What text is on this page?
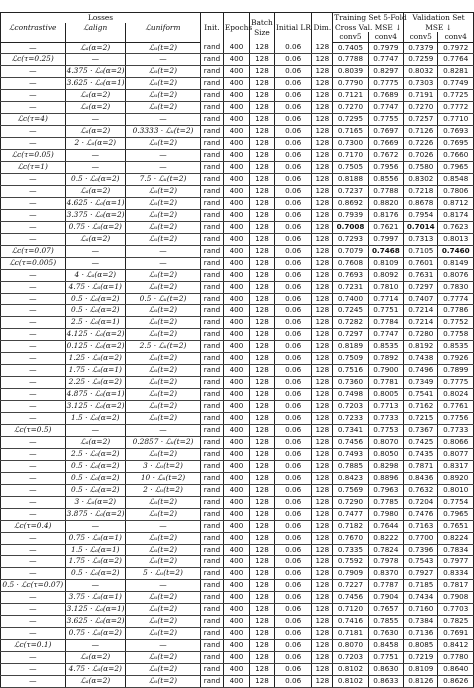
Losses			Init.	Epochs	Batch
Size	Initial LR	Dim.	Training Set 5-Fold
Cross Val. MSE ↓		Validation Set
MSE ↓	
ℒcontrastive	ℒalign	ℒuniform									
								conv5	conv4	conv5	conv4
—	ℒₐ(α=2)	ℒᵤ(t=2)	rand	400	128	0.06	128	0.7405	0.7979	0.7379	0.7972
ℒc(τ=0.25)	—	—	rand	400	128	0.06	128	0.7788	0.7747	0.7259	0.7764
—	4.375 · ℒₐ(α=2)	ℒᵤ(t=2)	rand	400	128	0.06	128	0.8039	0.8297	0.8032	0.8281
—	3.625 · ℒₐ(α=1)	ℒᵤ(t=2)	rand	400	128	0.06	128	0.7790	0.7775	0.7303	0.7749
—	ℒₐ(α=2)	ℒᵤ(t=2)	rand	400	128	0.06	128	0.7121	0.7689	0.7191	0.7725
—	ℒₐ(α=2)	ℒᵤ(t=2)	rand	400	128	0.06	128	0.7270	0.7747	0.7270	0.7772
ℒc(τ=4)	—	—	rand	400	128	0.06	128	0.7295	0.7755	0.7257	0.7710
—	ℒₐ(α=2)	0.3333 · ℒᵤ(t=2)	rand	400	128	0.06	128	0.7165	0.7697	0.7126	0.7693
—	2 · ℒₐ(α=2)	ℒᵤ(t=2)	rand	400	128	0.06	128	0.7300	0.7669	0.7226	0.7695
ℒc(τ=0.05)	—	—	rand	400	128	0.06	128	0.7170	0.7672	0.7026	0.7660
ℒc(τ=1)	—	—	rand	400	128	0.06	128	0.7505	0.7956	0.7580	0.7965
—	0.5 · ℒₐ(α=2)	7.5 · ℒᵤ(t=2)	rand	400	128	0.06	128	0.8188	0.8556	0.8302	0.8548
—	ℒₐ(α=2)	ℒᵤ(t=2)	rand	400	128	0.06	128	0.7237	0.7788	0.7218	0.7806
—	4.625 · ℒₐ(α=1)	ℒᵤ(t=2)	rand	400	128	0.06	128	0.8692	0.8820	0.8678	0.8712
—	3.375 · ℒₐ(α=2)	ℒᵤ(t=2)	rand	400	128	0.06	128	0.7939	0.8176	0.7954	0.8174
—	0.75 · ℒₐ(α=2)	ℒᵤ(t=2)	rand	400	128	0.06	128	0.7008	0.7621	0.7014	0.7623
—	ℒₐ(α=2)	ℒᵤ(t=2)	rand	400	128	0.06	128	0.7293	0.7997	0.7313	0.8013
ℒc(τ=0.07)	—	—	rand	400	128	0.06	128	0.7079	0.7468	0.7105	0.7460
ℒc(τ=0.005)	—	—	rand	400	128	0.06	128	0.7608	0.8109	0.7601	0.8149
—	4 · ℒₐ(α=2)	ℒᵤ(t=2)	rand	400	128	0.06	128	0.7693	0.8092	0.7631	0.8076
—	4.75 · ℒₐ(α=1)	ℒᵤ(t=2)	rand	400	128	0.06	128	0.7231	0.7810	0.7297	0.7830
—	0.5 · ℒₐ(α=2)	0.5 · ℒᵤ(t=2)	rand	400	128	0.06	128	0.7400	0.7714	0.7407	0.7774
—	0.5 · ℒₐ(α=2)	ℒᵤ(t=2)	rand	400	128	0.06	128	0.7245	0.7751	0.7214	0.7786
—	2.5 · ℒₐ(α=1)	ℒᵤ(t=2)	rand	400	128	0.06	128	0.7282	0.7784	0.7214	0.7752
—	4.125 · ℒₐ(α=2)	ℒᵤ(t=2)	rand	400	128	0.06	128	0.7297	0.7747	0.7280	0.7758
—	0.125 · ℒₐ(α=2)	2.5 · ℒᵤ(t=2)	rand	400	128	0.06	128	0.8189	0.8535	0.8192	0.8535
—	1.25 · ℒₐ(α=2)	ℒᵤ(t=2)	rand	400	128	0.06	128	0.7509	0.7892	0.7438	0.7926
—	1.75 · ℒₐ(α=1)	ℒᵤ(t=2)	rand	400	128	0.06	128	0.7516	0.7900	0.7496	0.7899
—	2.25 · ℒₐ(α=2)	ℒᵤ(t=2)	rand	400	128	0.06	128	0.7360	0.7781	0.7349	0.7775
—	4.875 · ℒₐ(α=1)	ℒᵤ(t=2)	rand	400	128	0.06	128	0.7498	0.8005	0.7541	0.8024
—	3.125 · ℒₐ(α=2)	ℒᵤ(t=2)	rand	400	128	0.06	128	0.7203	0.7713	0.7162	0.7761
—	1.5 · ℒₐ(α=2)	ℒᵤ(t=2)	rand	400	128	0.06	128	0.7233	0.7733	0.7215	0.7756
ℒc(τ=0.5)	—	—	rand	400	128	0.06	128	0.7341	0.7753	0.7367	0.7733
—	ℒₐ(α=2)	0.2857 · ℒᵤ(t=2)	rand	400	128	0.06	128	0.7456	0.8070	0.7425	0.8066
—	2.5 · ℒₐ(α=2)	ℒᵤ(t=2)	rand	400	128	0.06	128	0.7493	0.8050	0.7435	0.8077
—	0.5 · ℒₐ(α=2)	3 · ℒᵤ(t=2)	rand	400	128	0.06	128	0.7885	0.8298	0.7871	0.8317
—	0.5 · ℒₐ(α=2)	10 · ℒᵤ(t=2)	rand	400	128	0.06	128	0.8423	0.8896	0.8436	0.8920
—	0.5 · ℒₐ(α=2)	2 · ℒᵤ(t=2)	rand	400	128	0.06	128	0.7569	0.7963	0.7632	0.8010
—	3 · ℒₐ(α=2)	ℒᵤ(t=2)	rand	400	128	0.06	128	0.7290	0.7785	0.7204	0.7754
—	3.875 · ℒₐ(α=2)	ℒᵤ(t=2)	rand	400	128	0.06	128	0.7477	0.7980	0.7476	0.7965
ℒc(τ=0.4)	—	—	rand	400	128	0.06	128	0.7182	0.7644	0.7163	0.7651
—	0.75 · ℒₐ(α=1)	ℒᵤ(t=2)	rand	400	128	0.06	128	0.7670	0.8222	0.7700	0.8224
—	1.5 · ℒₐ(α=1)	ℒᵤ(t=2)	rand	400	128	0.06	128	0.7335	0.7824	0.7396	0.7834
—	1.75 · ℒₐ(α=2)	ℒᵤ(t=2)	rand	400	128	0.06	128	0.7592	0.7978	0.7543	0.7977
—	0.5 · ℒₐ(α=2)	5 · ℒᵤ(t=2)	rand	400	128	0.06	128	0.7909	0.8370	0.7927	0.8334
0.5 · ℒc(τ=0.07)	—	—	rand	400	128	0.06	128	0.7227	0.7787	0.7185	0.7817
—	3.75 · ℒₐ(α=1)	ℒᵤ(t=2)	rand	400	128	0.06	128	0.7456	0.7904	0.7434	0.7908
—	3.125 · ℒₐ(α=1)	ℒᵤ(t=2)	rand	400	128	0.06	128	0.7120	0.7657	0.7160	0.7703
—	3.625 · ℒₐ(α=2)	ℒᵤ(t=2)	rand	400	128	0.06	128	0.7416	0.7855	0.7384	0.7825
—	0.75 · ℒₐ(α=2)	ℒᵤ(t=2)	rand	400	128	0.06	128	0.7181	0.7630	0.7136	0.7691
ℒc(τ=0.1)	—	—	rand	400	128	0.06	128	0.8070	0.8458	0.8085	0.8412
—	ℒₐ(α=2)	ℒᵤ(t=2)	rand	400	128	0.06	128	0.7203	0.7751	0.7219	0.7780
—	4.75 · ℒₐ(α=2)	ℒᵤ(t=2)	rand	400	128	0.06	128	0.8102	0.8630	0.8109	0.8640
—	ℒₐ(α=2)	ℒᵤ(t=2)	rand	400	128	0.06	128	0.8102	0.8633	0.8126	0.8626
